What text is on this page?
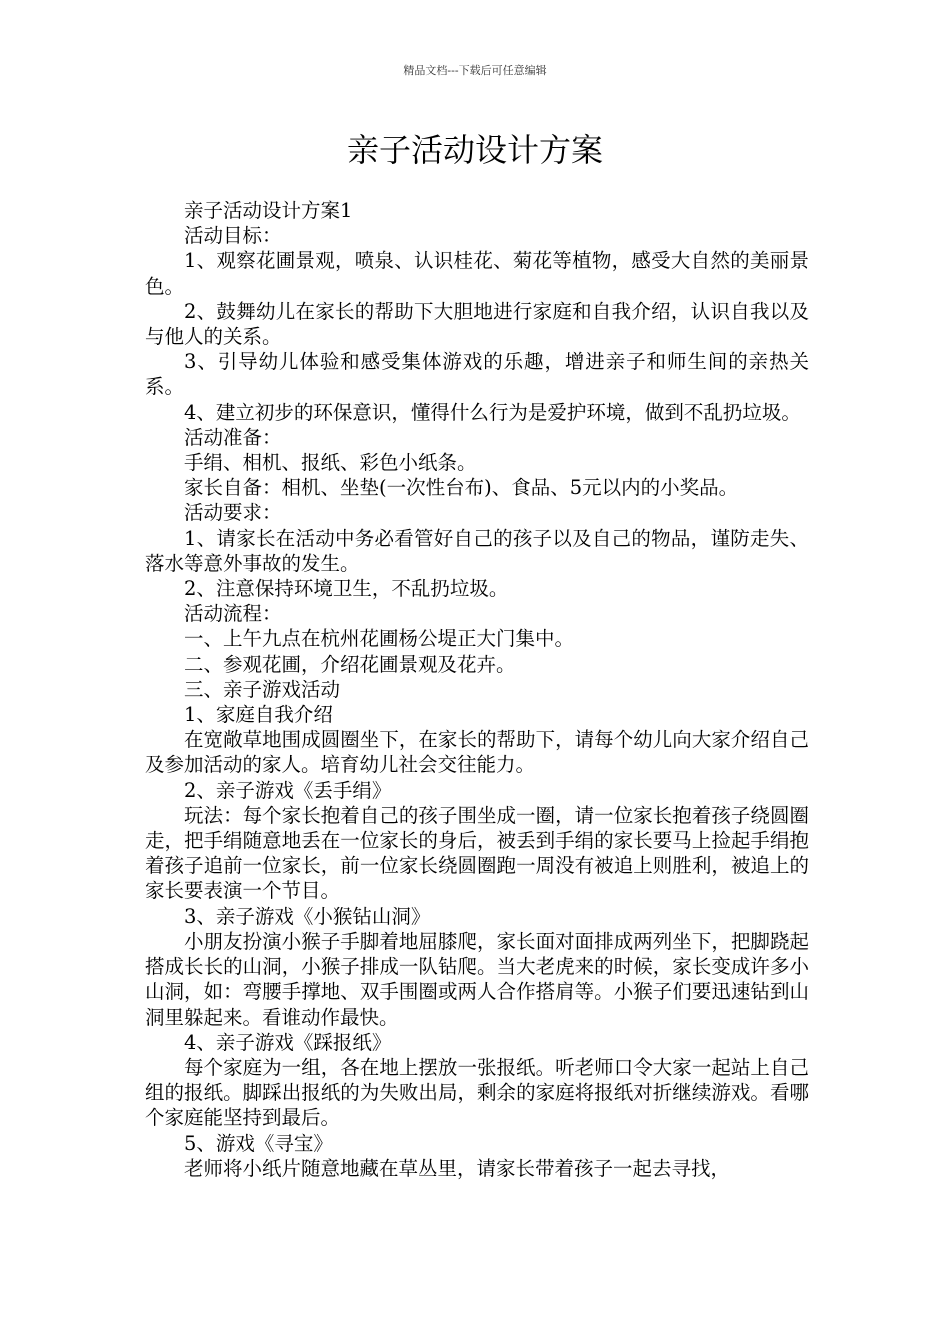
精品文档---下载后可任意编辑
亲子活动设计方案

亲子活动设计方案1

活动目标：

1、观察花圃景观，喷泉、认识桂花、菊花等植物，感受大自然的美丽景色。

2、鼓舞幼儿在家长的帮助下大胆地进行家庭和自我介绍，认识自我以及与他人的关系。

3、引导幼儿体验和感受集体游戏的乐趣，增进亲子和师生间的亲热关系。

4、建立初步的环保意识，懂得什么行为是爱护环境，做到不乱扔垃圾。

活动准备：

手绢、相机、报纸、彩色小纸条。

家长自备：相机、坐垫(一次性台布)、食品、5元以内的小奖品。

活动要求：

1、请家长在活动中务必看管好自己的孩子以及自己的物品，谨防走失、落水等意外事故的发生。

2、注意保持环境卫生，不乱扔垃圾。

活动流程：

一、上午九点在杭州花圃杨公堤正大门集中。

二、参观花圃，介绍花圃景观及花卉。

三、亲子游戏活动

1、家庭自我介绍

在宽敞草地围成圆圈坐下，在家长的帮助下，请每个幼儿向大家介绍自己及参加活动的家人。培育幼儿社会交往能力。

2、亲子游戏《丢手绢》

玩法：每个家长抱着自己的孩子围坐成一圈，请一位家长抱着孩子绕圆圈走，把手绢随意地丢在一位家长的身后，被丢到手绢的家长要马上捡起手绢抱着孩子追前一位家长，前一位家长绕圆圈跑一周没有被追上则胜利，被追上的家长要表演一个节目。

3、亲子游戏《小猴钻山洞》

小朋友扮演小猴子手脚着地屈膝爬，家长面对面排成两列坐下，把脚跷起搭成长长的山洞，小猴子排成一队钻爬。当大老虎来的时候，家长变成许多小山洞，如：弯腰手撑地、双手围圈或两人合作搭肩等。小猴子们要迅速钻到山洞里躲起来。看谁动作最快。

4、亲子游戏《踩报纸》

每个家庭为一组，各在地上摆放一张报纸。听老师口令大家一起站上自己组的报纸。脚踩出报纸的为失败出局，剩余的家庭将报纸对折继续游戏。看哪个家庭能坚持到最后。

5、游戏《寻宝》

老师将小纸片随意地藏在草丛里，请家长带着孩子一起去寻找，
